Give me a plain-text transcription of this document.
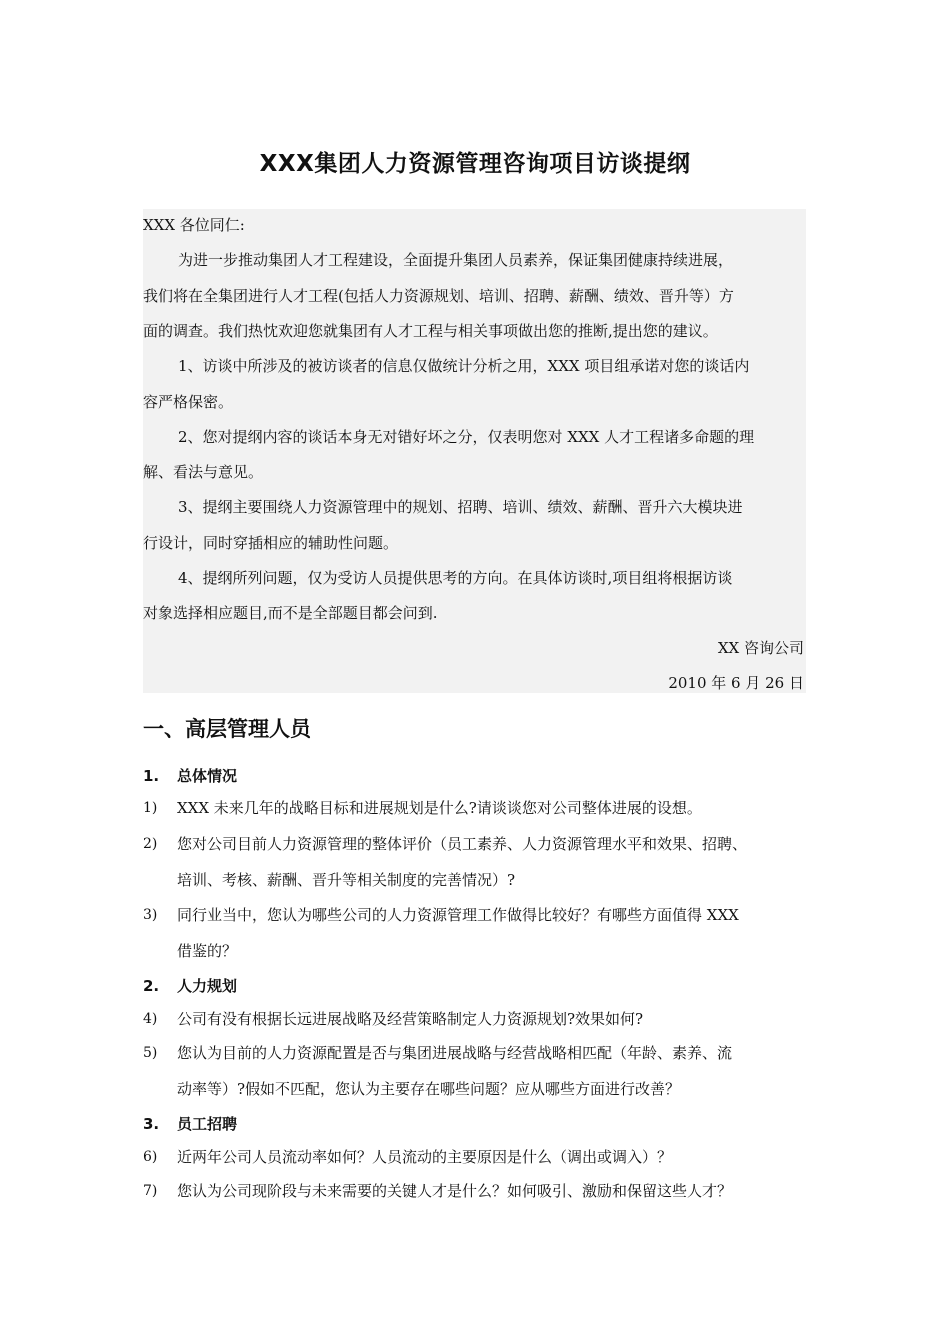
XXX集团人力资源管理咨询项目访谈提纲
XXX 各位同仁:
为进一步推动集团人才工程建设，全面提升集团人员素养，保证集团健康持续进展，
我们将在全集团进行人才工程(包括人力资源规划、培训、招聘、薪酬、绩效、晋升等）方
面的调查。我们热忱欢迎您就集团有人才工程与相关事项做出您的推断,提出您的建议。
1、访谈中所涉及的被访谈者的信息仅做统计分析之用，XXX 项目组承诺对您的谈话内
容严格保密。
2、您对提纲内容的谈话本身无对错好坏之分，仅表明您对 XXX 人才工程诸多命题的理
解、看法与意见。
3、提纲主要围绕人力资源管理中的规划、招聘、培训、绩效、薪酬、晋升六大模块进
行设计，同时穿插相应的辅助性问题。
4、提纲所列问题，仅为受访人员提供思考的方向。在具体访谈时,项目组将根据访谈
对象选择相应题目,而不是全部题目都会问到.
XX 咨询公司
2010 年 6 月 26 日
一、高层管理人员
1. 总体情况
1) XXX 未来几年的战略目标和进展规划是什么?请谈谈您对公司整体进展的设想。
2) 您对公司目前人力资源管理的整体评价（员工素养、人力资源管理水平和效果、招聘、
培训、考核、薪酬、晋升等相关制度的完善情况）?
3) 同行业当中，您认为哪些公司的人力资源管理工作做得比较好？有哪些方面值得 XXX
借鉴的？
2. 人力规划
4) 公司有没有根据长远进展战略及经营策略制定人力资源规划?效果如何?
5) 您认为目前的人力资源配置是否与集团进展战略与经营战略相匹配（年龄、素养、流
动率等）?假如不匹配，您认为主要存在哪些问题？应从哪些方面进行改善？
3. 员工招聘
6) 近两年公司人员流动率如何？人员流动的主要原因是什么（调出或调入）？
7) 您认为公司现阶段与未来需要的关键人才是什么？如何吸引、激励和保留这些人才？
